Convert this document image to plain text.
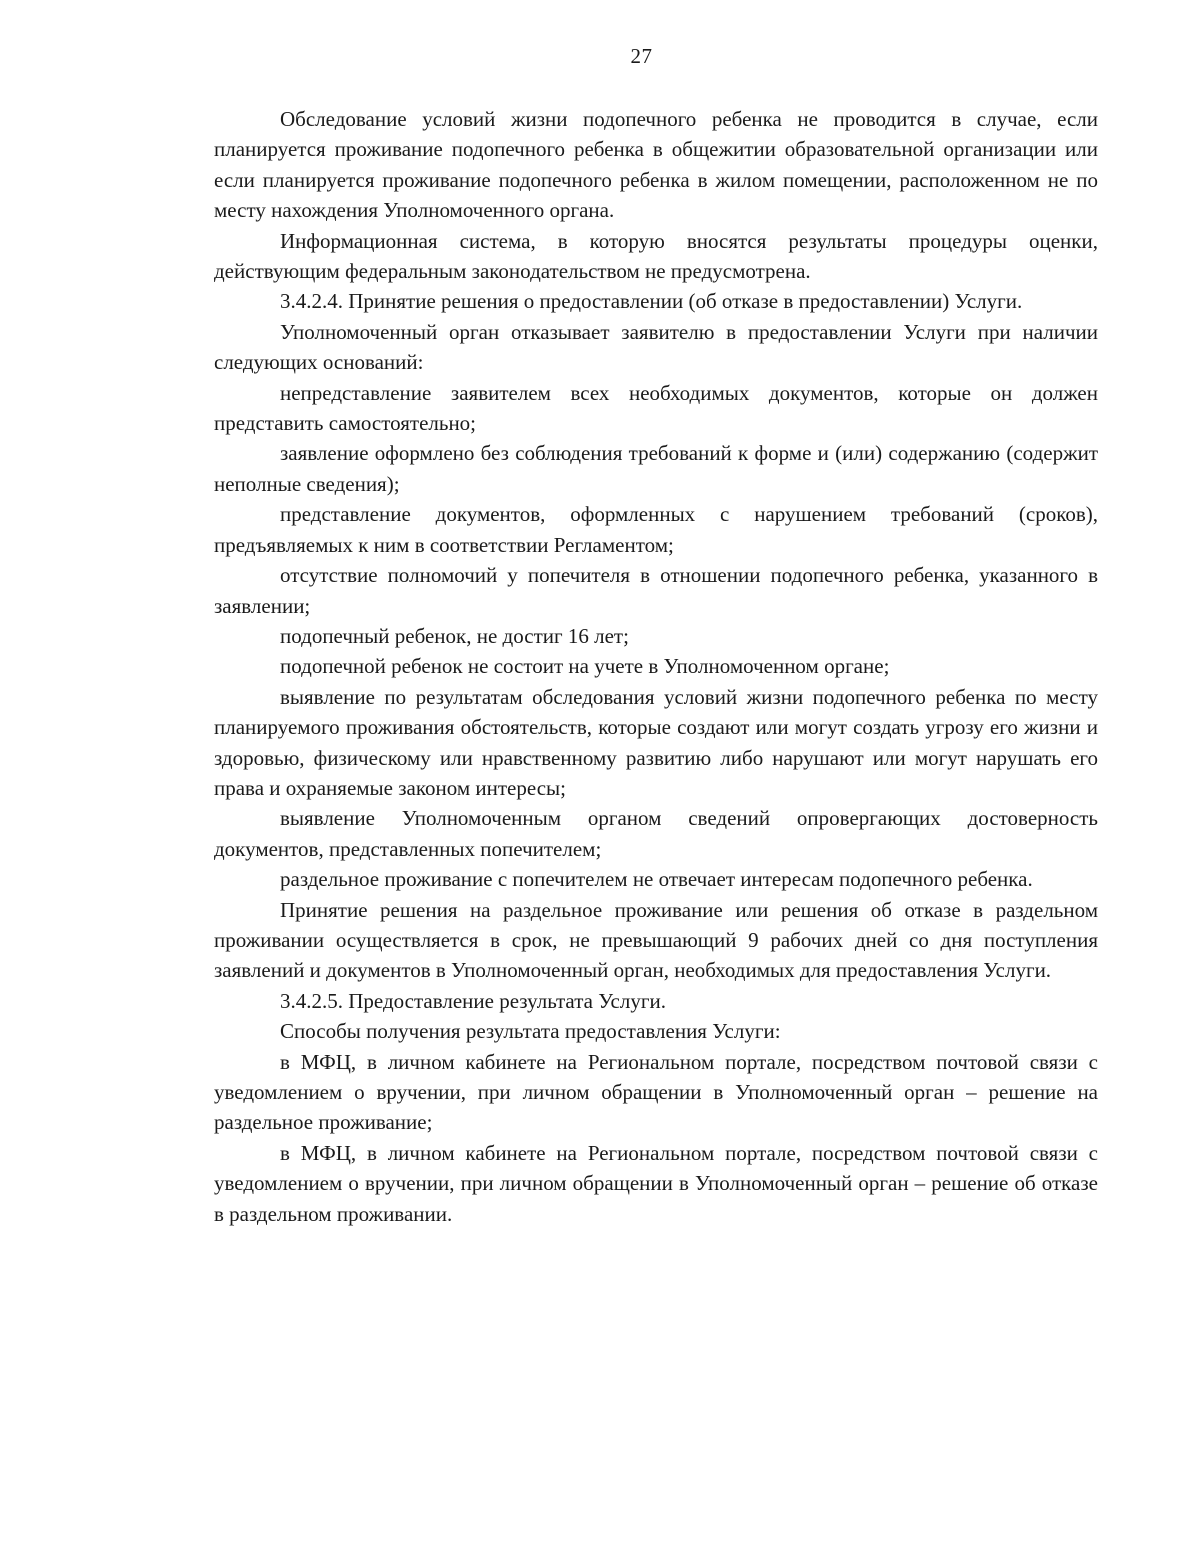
27

Обследование условий жизни подопечного ребенка не проводится в случае, если планируется проживание подопечного ребенка в общежитии образовательной организации или если планируется проживание подопечного ребенка в жилом помещении, расположенном не по месту нахождения Уполномоченного органа.

Информационная система, в которую вносятся результаты процедуры оценки, действующим федеральным законодательством не предусмотрена.

3.4.2.4. Принятие решения о предоставлении (об отказе в предоставлении) Услуги.

Уполномоченный орган отказывает заявителю в предоставлении Услуги при наличии следующих оснований:

непредставление заявителем всех необходимых документов, которые он должен представить самостоятельно;

заявление оформлено без соблюдения требований к форме и (или) содержанию (содержит неполные сведения);

представление документов, оформленных с нарушением требований (сроков), предъявляемых к ним в соответствии Регламентом;

отсутствие полномочий у попечителя в отношении подопечного ребенка, указанного в заявлении;

подопечный ребенок, не достиг 16 лет;

подопечной ребенок не состоит на учете в Уполномоченном органе;

выявление по результатам обследования условий жизни подопечного ребенка по месту планируемого проживания обстоятельств, которые создают или могут создать угрозу его жизни и здоровью, физическому или нравственному развитию либо нарушают или могут нарушать его права и охраняемые законом интересы;

выявление Уполномоченным органом сведений опровергающих достоверность документов, представленных попечителем;

раздельное проживание с попечителем не отвечает интересам подопечного ребенка.

Принятие решения на раздельное проживание или решения об отказе в раздельном проживании осуществляется в срок, не превышающий 9 рабочих дней со дня поступления заявлений и документов в Уполномоченный орган, необходимых для предоставления Услуги.

3.4.2.5. Предоставление результата Услуги.

Способы получения результата предоставления Услуги:

в МФЦ, в личном кабинете на Региональном портале, посредством почтовой связи с уведомлением о вручении, при личном обращении в Уполномоченный орган – решение на раздельное проживание;

в МФЦ, в личном кабинете на Региональном портале, посредством почтовой связи с уведомлением о вручении, при личном обращении в Уполномоченный орган – решение об отказе в раздельном проживании.
